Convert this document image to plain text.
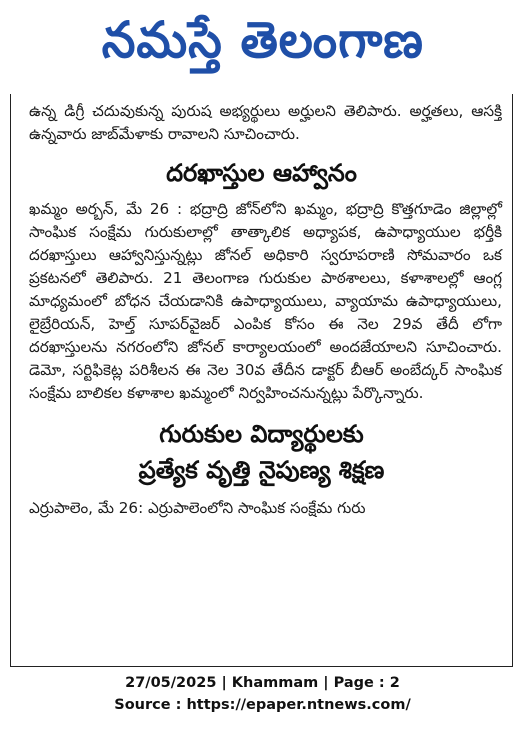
నమస్తే తెలంగాణ

ఉన్న డిగ్రీ చదువుకున్న పురుష అభ్యర్థులు అర్హులని తెలిపారు. అర్హతలు, ఆసక్తి ఉన్నవారు జాబ్‌మేళాకు రావాలని సూచించారు.

దరఖాస్తుల ఆహ్వానం

ఖమ్మం అర్బన్, మే 26 : భద్రాద్రి జోన్‌లోని ఖమ్మం, భద్రాద్రి కొత్తగూడెం జిల్లాల్లో సాంఘిక సంక్షేమ గురుకులాల్లో తాత్కాలిక అధ్యాపక, ఉపాధ్యాయుల భర్తీకి దరఖాస్తులు ఆహ్వానిస్తున్నట్లు జోనల్ అధికారి స్వరూపరాణి సోమవారం ఒక ప్రకటనలో తెలిపారు. 21 తెలంగాణ గురుకుల పాఠశాలలు, కళాశాలల్లో ఆంగ్ల మాధ్యమంలో బోధన చేయడానికి ఉపాధ్యాయులు, వ్యాయామ ఉపాధ్యాయులు, లైబ్రేరియన్, హెల్త్ సూపర్‌వైజర్ ఎంపిక కోసం ఈ నెల 29వ తేదీ లోగా దరఖాస్తులను నగరంలోని జోనల్ కార్యాలయంలో అందజేయాలని సూచించారు. డెమో, సర్టిఫికెట్ల పరిశీలన ఈ నెల 30వ తేదీన డాక్టర్ బీఆర్ అంబేద్కర్ సాంఘిక సంక్షేమ బాలికల కళాశాల ఖమ్మంలో నిర్వహించనున్నట్లు పేర్కొన్నారు.

గురుకుల విద్యార్థులకు
ప్రత్యేక వృత్తి నైపుణ్య శిక్షణ

ఎర్రుపాలెం, మే 26: ఎర్రుపాలెంలోని సాంఘిక సంక్షేమ గురు

27/05/2025 | Khammam | Page : 2
Source : https://epaper.ntnews.com/
